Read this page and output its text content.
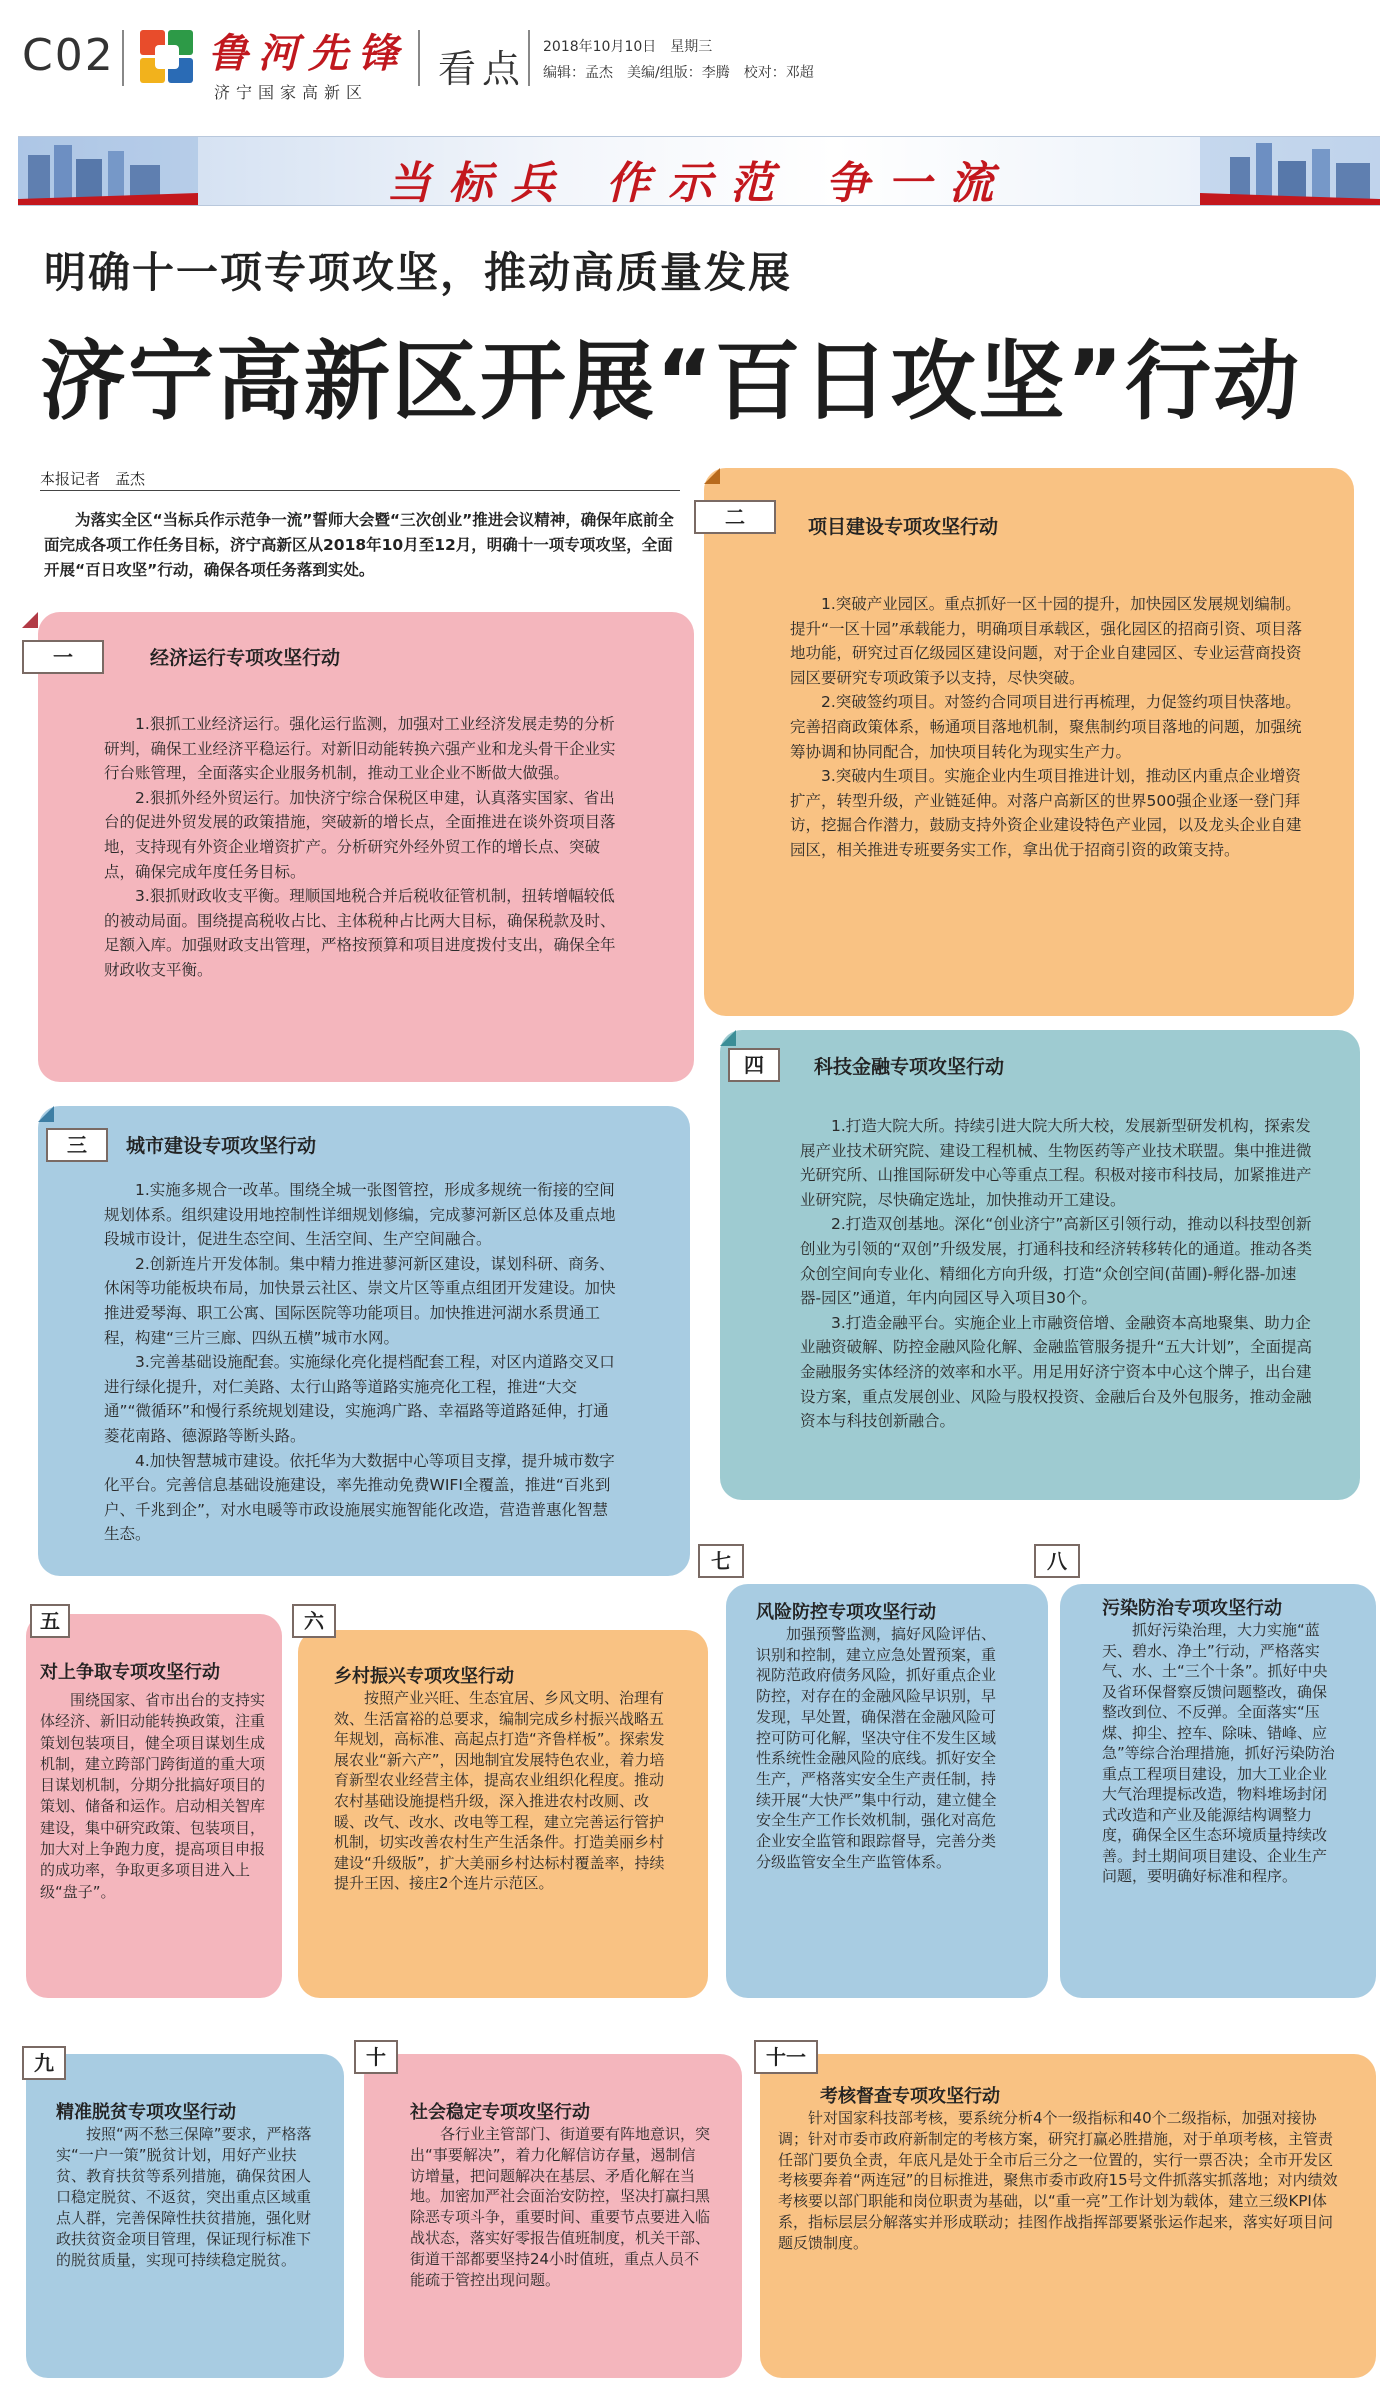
C02 鲁河先锋
济宁国家高新区
看点 2018年10月10日　星期三
编辑：孟杰　美编/组版：李腾　校对：邓超
当标兵 作示范 争一流
明确十一项专项攻坚，推动高质量发展
济宁高新区开展“百日攻坚”行动
本报记者　孟杰
为落实全区“当标兵作示范争一流”誓师大会暨“三次创业”推进会议精神，确保年底前全面完成各项工作任务目标，济宁高新区从2018年10月至12月，明确十一项专项攻坚，全面开展“百日攻坚”行动，确保各项任务落到实处。
一	经济运行专项攻坚行动

1.狠抓工业经济运行。强化运行监测，加强对工业经济发展走势的分析研判，确保工业经济平稳运行。对新旧动能转换六强产业和龙头骨干企业实行台账管理，全面落实企业服务机制，推动工业企业不断做大做强。

2.狠抓外经外贸运行。加快济宁综合保税区申建，认真落实国家、省出台的促进外贸发展的政策措施，突破新的增长点，全面推进在谈外资项目落地，支持现有外资企业增资扩产。分析研究外经外贸工作的增长点、突破点，确保完成年度任务目标。

3.狠抓财政收支平衡。理顺国地税合并后税收征管机制，扭转增幅较低的被动局面。围绕提高税收占比、主体税种占比两大目标，确保税款及时、足额入库。加强财政支出管理，严格按预算和项目进度拨付支出，确保全年财政收支平衡。

二	项目建设专项攻坚行动

1.突破产业园区。重点抓好一区十园的提升，加快园区发展规划编制。提升“一区十园”承载能力，明确项目承载区，强化园区的招商引资、项目落地功能，研究过百亿级园区建设问题，对于企业自建园区、专业运营商投资园区要研究专项政策予以支持，尽快突破。

2.突破签约项目。对签约合同项目进行再梳理，力促签约项目快落地。完善招商政策体系，畅通项目落地机制，聚焦制约项目落地的问题，加强统筹协调和协同配合，加快项目转化为现实生产力。

3.突破内生项目。实施企业内生项目推进计划，推动区内重点企业增资扩产，转型升级，产业链延伸。对落户高新区的世界500强企业逐一登门拜访，挖掘合作潜力，鼓励支持外资企业建设特色产业园，以及龙头企业自建园区，相关推进专班要务实工作，拿出优于招商引资的政策支持。

三	城市建设专项攻坚行动

1.实施多规合一改革。围绕全城一张图管控，形成多规统一衔接的空间规划体系。组织建设用地控制性详细规划修编，完成蓼河新区总体及重点地段城市设计，促进生态空间、生活空间、生产空间融合。

2.创新连片开发体制。集中精力推进蓼河新区建设，谋划科研、商务、休闲等功能板块布局，加快景云社区、崇文片区等重点组团开发建设。加快推进爱琴海、职工公寓、国际医院等功能项目。加快推进河湖水系贯通工程，构建“三片三廊、四纵五横”城市水网。

3.完善基础设施配套。实施绿化亮化提档配套工程，对区内道路交叉口进行绿化提升，对仁美路、太行山路等道路实施亮化工程，推进“大交通”“微循环”和慢行系统规划建设，实施鸿广路、幸福路等道路延伸，打通菱花南路、德源路等断头路。

4.加快智慧城市建设。依托华为大数据中心等项目支撑，提升城市数字化平台。完善信息基础设施建设，率先推动免费WIFI全覆盖，推进“百兆到户、千兆到企”，对水电暖等市政设施展实施智能化改造，营造普惠化智慧生态。

四	科技金融专项攻坚行动

1.打造大院大所。持续引进大院大所大校，发展新型研发机构，探索发展产业技术研究院、建设工程机械、生物医药等产业技术联盟。集中推进微光研究所、山推国际研发中心等重点工程。积极对接市科技局，加紧推进产业研究院，尽快确定选址，加快推动开工建设。

2.打造双创基地。深化“创业济宁”高新区引领行动，推动以科技型创新创业为引领的“双创”升级发展，打通科技和经济转移转化的通道。推动各类众创空间向专业化、精细化方向升级，打造“众创空间(苗圃)-孵化器-加速器-园区”通道，年内向园区导入项目30个。

3.打造金融平台。实施企业上市融资倍增、金融资本高地聚集、助力企业融资破解、防控金融风险化解、金融监管服务提升“五大计划”，全面提高金融服务实体经济的效率和水平。用足用好济宁资本中心这个牌子，出台建设方案，重点发展创业、风险与股权投资、金融后台及外包服务，推动金融资本与科技创新融合。

五
对上争取专项攻坚行动

围绕国家、省市出台的支持实体经济、新旧动能转换政策，注重策划包装项目，健全项目谋划生成机制，建立跨部门跨街道的重大项目谋划机制，分期分批搞好项目的策划、储备和运作。启动相关智库建设，集中研究政策、包装项目，加大对上争跑力度，提高项目申报的成功率，争取更多项目进入上级“盘子”。

六
乡村振兴专项攻坚行动

按照产业兴旺、生态宜居、乡风文明、治理有效、生活富裕的总要求，编制完成乡村振兴战略五年规划，高标准、高起点打造“齐鲁样板”。探索发展农业“新六产”，因地制宜发展特色农业，着力培育新型农业经营主体，提高农业组织化程度。推动农村基础设施提档升级，深入推进农村改厕、改暖、改气、改水、改电等工程，建立完善运行管护机制，切实改善农村生产生活条件。打造美丽乡村建设“升级版”，扩大美丽乡村达标村覆盖率，持续提升王因、接庄2个连片示范区。

七
风险防控专项攻坚行动

加强预警监测，搞好风险评估、识别和控制，建立应急处置预案，重视防范政府债务风险，抓好重点企业防控，对存在的金融风险早识别，早发现，早处置，确保潜在金融风险可控可防可化解，坚决守住不发生区域性系统性金融风险的底线。抓好安全生产，严格落实安全生产责任制，持续开展“大快严”集中行动，建立健全安全生产工作长效机制，强化对高危企业安全监管和跟踪督导，完善分类分级监管安全生产监管体系。

八
污染防治专项攻坚行动

抓好污染治理，大力实施“蓝天、碧水、净土”行动，严格落实气、水、土“三个十条”。抓好中央及省环保督察反馈问题整改，确保整改到位、不反弹。全面落实“压煤、抑尘、控车、除味、错峰、应急”等综合治理措施，抓好污染防治重点工程项目建设，加大工业企业大气治理提标改造，物料堆场封闭式改造和产业及能源结构调整力度，确保全区生态环境质量持续改善。封土期间项目建设、企业生产问题，要明确好标准和程序。

九
精准脱贫专项攻坚行动

按照“两不愁三保障”要求，严格落实“一户一策”脱贫计划，用好产业扶贫、教育扶贫等系列措施，确保贫困人口稳定脱贫、不返贫，突出重点区域重点人群，完善保障性扶贫措施，强化财政扶贫资金项目管理，保证现行标准下的脱贫质量，实现可持续稳定脱贫。

十
社会稳定专项攻坚行动

各行业主管部门、街道要有阵地意识，突出“事要解决”，着力化解信访存量，遏制信访增量，把问题解决在基层、矛盾化解在当地。加密加严社会面治安防控，坚决打赢扫黑除恶专项斗争，重要时间、重要节点要进入临战状态，落实好零报告值班制度，机关干部、街道干部都要坚持24小时值班，重点人员不能疏于管控出现问题。

十一
考核督查专项攻坚行动

针对国家科技部考核，要系统分析4个一级指标和40个二级指标，加强对接协调；针对市委市政府新制定的考核方案，研究打赢必胜措施，对于单项考核，主管责任部门要负全责，年底凡是处于全市后三分之一位置的，实行一票否决；全市开发区考核要奔着“两连冠”的目标推进，聚焦市委市政府15号文件抓落实抓落地；对内绩效考核要以部门职能和岗位职责为基础，以“重一亮”工作计划为载体，建立三级KPI体系，指标层层分解落实并形成联动；挂图作战指挥部要紧张运作起来，落实好项目问题反馈制度。
